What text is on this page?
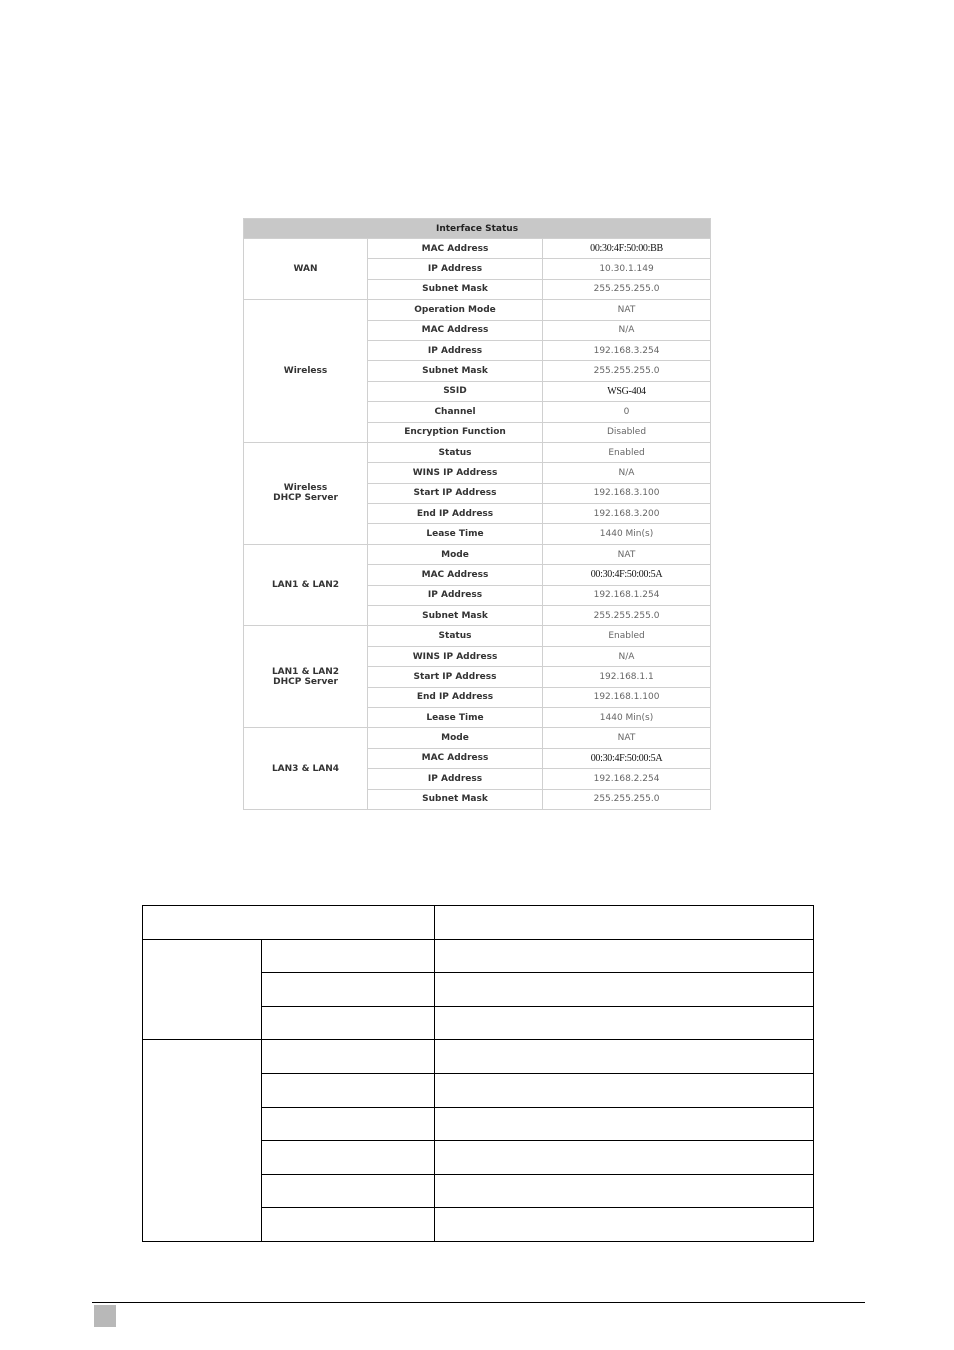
Interface Status		
WAN	MAC Address	00:30:4F:50:00:BB
	IP Address	10.30.1.149
	Subnet Mask	255.255.255.0
Wireless	Operation Mode	NAT
	MAC Address	N/A
	IP Address	192.168.3.254
	Subnet Mask	255.255.255.0
	SSID	WSG-404
	Channel	0
	Encryption Function	Disabled
Wireless
DHCP Server	Status	Enabled
	WINS IP Address	N/A
	Start IP Address	192.168.3.100
	End IP Address	192.168.3.200
	Lease Time	1440 Min(s)
LAN1 & LAN2	Mode	NAT
	MAC Address	00:30:4F:50:00:5A
	IP Address	192.168.1.254
	Subnet Mask	255.255.255.0
LAN1 & LAN2
DHCP Server	Status	Enabled
	WINS IP Address	N/A
	Start IP Address	192.168.1.1
	End IP Address	192.168.1.100
	Lease Time	1440 Min(s)
LAN3 & LAN4	Mode	NAT
	MAC Address	00:30:4F:50:00:5A
	IP Address	192.168.2.254
	Subnet Mask	255.255.255.0
